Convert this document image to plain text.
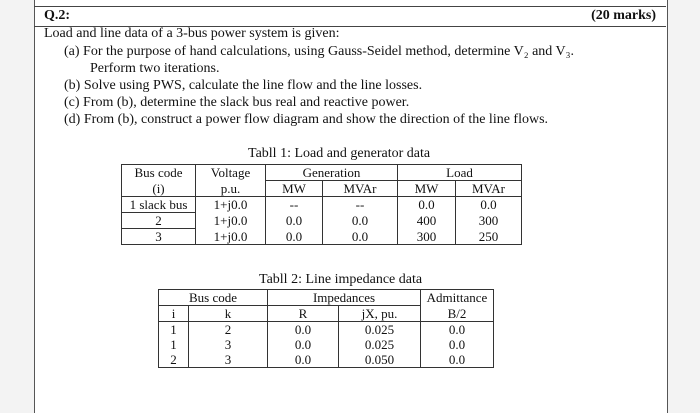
Q.2:	(20 marks)
Load and line data of a 3-bus power system is given:
(a) For the purpose of hand calculations, using Gauss-Seidel method, determine V₂ and V₃.
Perform two iterations.
(b) Solve using PWS, calculate the line flow and the line losses.
(c) From (b), determine the slack bus real and reactive power.
(d) From (b), construct a power flow diagram and show the direction of the line flows.
Tabll 1: Load and generator data
Bus code	Voltage	Generation		Load	
(i)	p.u.	MW	MVAr	MW	MVAr
1 slack bus	1+j0.0	--	--	0.0	0.0
2	1+j0.0	0.0	0.0	400	300
3	1+j0.0	0.0	0.0	300	250
Tabll 2: Line impedance data
Bus code		Impedances		Admittance
i	k	R	jX, pu.	B/2
1	2	0.0	0.025	0.0
1	3	0.0	0.025	0.0
2	3	0.0	0.050	0.0
